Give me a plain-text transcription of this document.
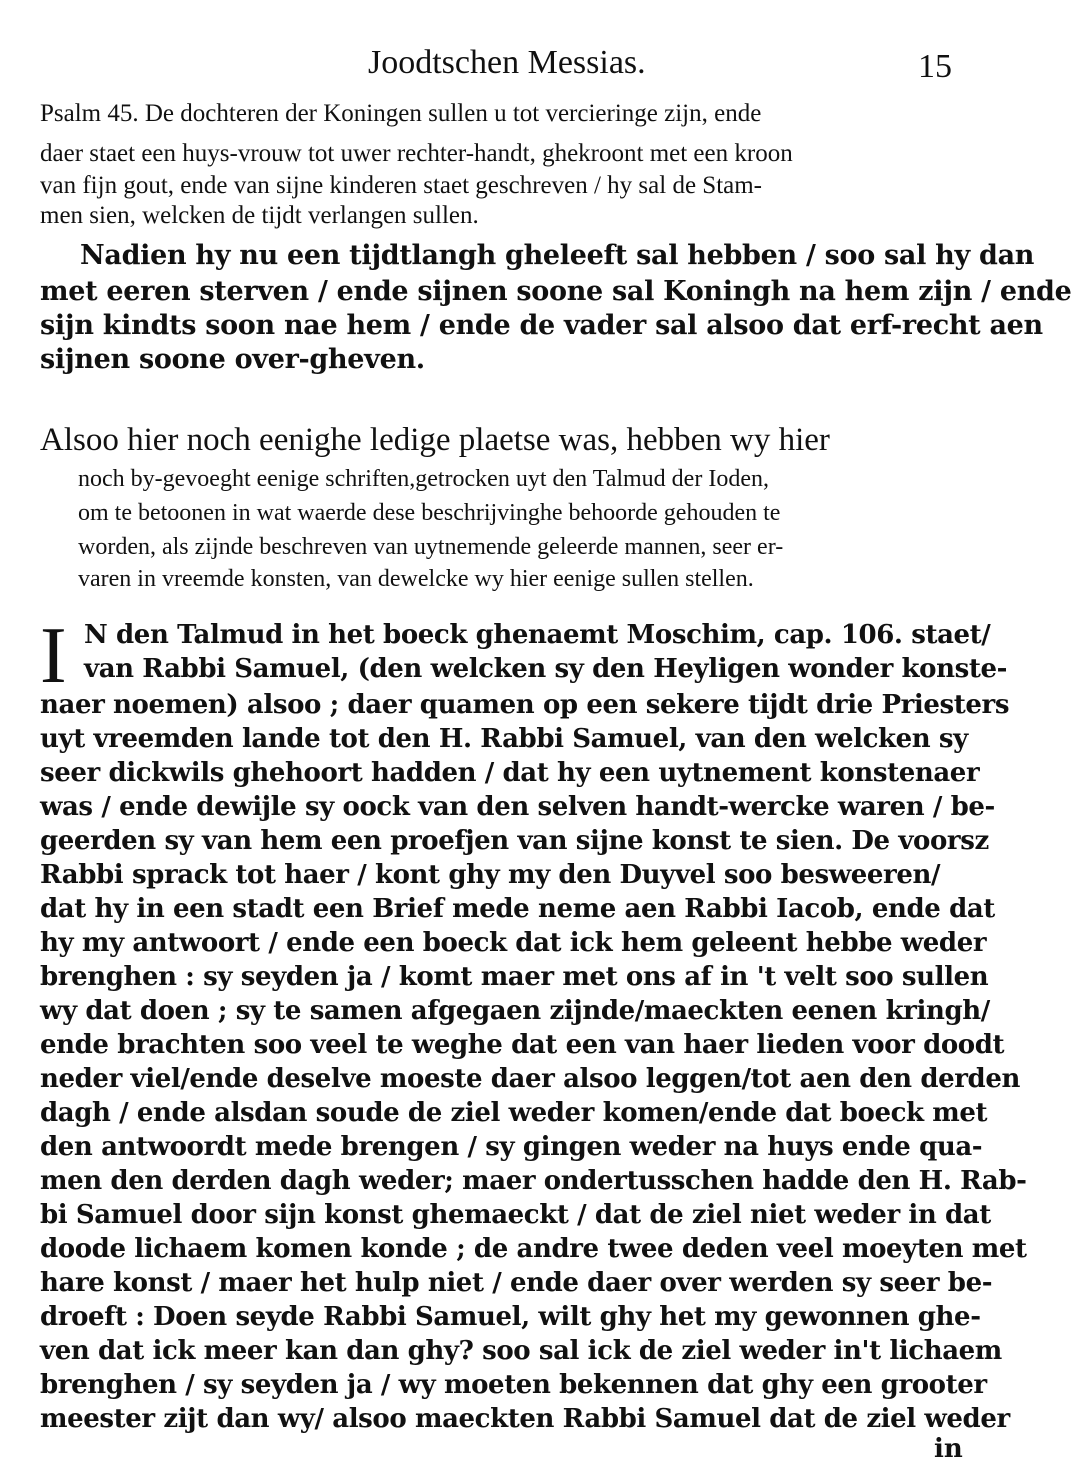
Joodtschen Messias.	15
Psalm 45. De dochteren der Koningen sullen u tot vercieringe zijn, ende
daer staet een huys-vrouw tot uwer rechter-handt, ghekroont met een kroon
van fijn gout, ende van sijne kinderen staet geschreven / hy sal de Stam-
men sien, welcken de tijdt verlangen sullen.
Nadien hy nu een tijdtlangh gheleeft sal hebben / soo sal hy dan
met eeren sterven / ende sijnen soone sal Koningh na hem zijn / ende
sijn kindts soon nae hem / ende de vader sal alsoo dat erf-recht aen
sijnen soone over-gheven.
Alsoo hier noch eenighe ledige plaetse was, hebben wy hier
noch by-gevoeght eenige schriften,getrocken uyt den Talmud der Ioden,
om te betoonen in wat waerde dese beschrijvinghe behoorde gehouden te
worden, als zijnde beschreven van uytnemende geleerde mannen, seer er-
varen in vreemde konsten, van dewelcke wy hier eenige sullen stellen.
I N den Talmud in het boeck ghenaemt Moschim, cap. 106. staet/
van Rabbi Samuel, (den welcken sy den Heyligen wonder konste-
naer noemen) alsoo ; daer quamen op een sekere tijdt drie Priesters
uyt vreemden lande tot den H. Rabbi Samuel, van den welcken sy
seer dickwils ghehoort hadden / dat hy een uytnement konstenaer
was / ende dewijle sy oock van den selven handt-wercke waren / be-
geerden sy van hem een proefjen van sijne konst te sien. De voorsz
Rabbi sprack tot haer / kont ghy my den Duyvel soo besweeren/
dat hy in een stadt een Brief mede neme aen Rabbi Iacob, ende dat
hy my antwoort / ende een boeck dat ick hem geleent hebbe weder
brenghen : sy seyden ja / komt maer met ons af in 't velt soo sullen
wy dat doen ; sy te samen afgegaen zijnde/maeckten eenen kringh/
ende brachten soo veel te weghe dat een van haer lieden voor doodt
neder viel/ende deselve moeste daer alsoo leggen/tot aen den derden
dagh / ende alsdan soude de ziel weder komen/ende dat boeck met
den antwoordt mede brengen / sy gingen weder na huys ende qua-
men den derden dagh weder; maer ondertusschen hadde den H. Rab-
bi Samuel door sijn konst ghemaeckt / dat de ziel niet weder in dat
doode lichaem komen konde ; de andre twee deden veel moeyten met
hare konst / maer het hulp niet / ende daer over werden sy seer be-
droeft : Doen seyde Rabbi Samuel, wilt ghy het my gewonnen ghe-
ven dat ick meer kan dan ghy? soo sal ick de ziel weder in't lichaem
brenghen / sy seyden ja / wy moeten bekennen dat ghy een grooter
meester zijt dan wy/ alsoo maeckten Rabbi Samuel dat de ziel weder
in
